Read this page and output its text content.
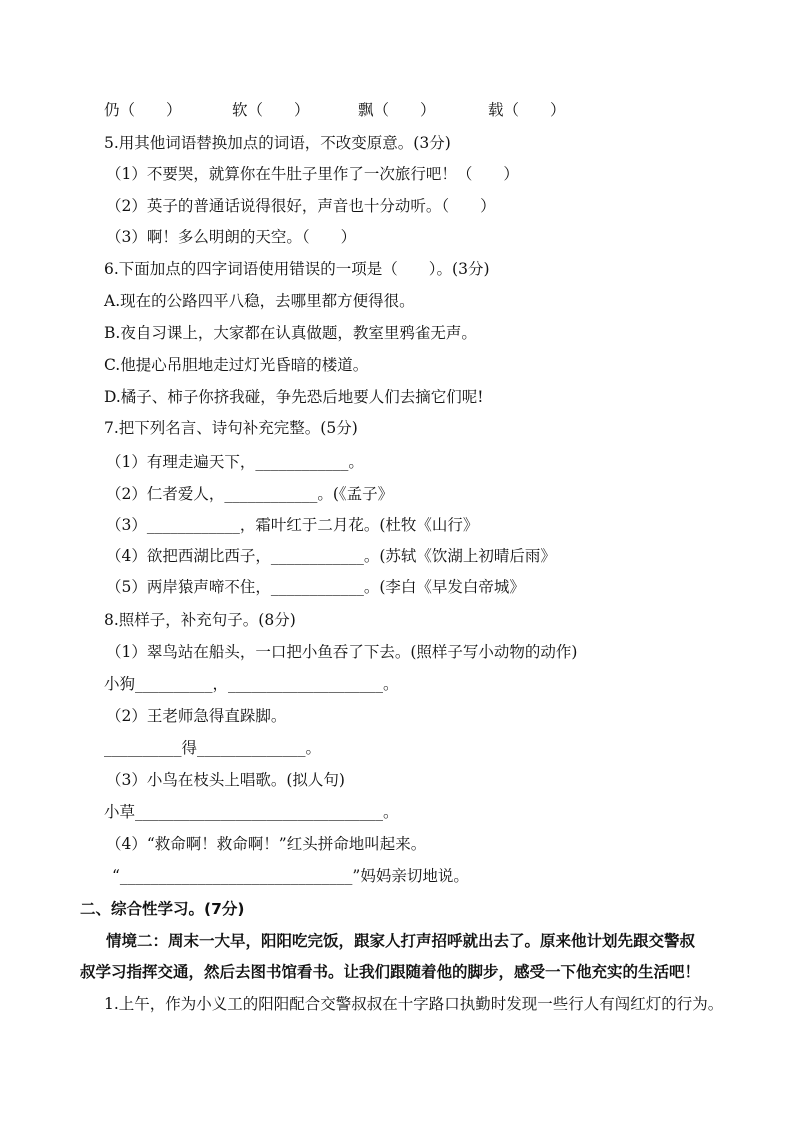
仍（　　）	软（　　）	飘（　　）	载（　　）
5.用其他词语替换加点的词语，不改变原意。(3分)
（1）不要哭，就算你在牛肚子里作了一次旅行吧！（　　）
（2）英子的普通话说得很好，声音也十分动听。（　　）
（3）啊！多么明朗的天空。（　　）
6.下面加点的四字词语使用错误的一项是（　　）。(3分)
A.现在的公路四平八稳，去哪里都方便得很。
B.夜自习课上，大家都在认真做题，教室里鸦雀无声。
C.他提心吊胆地走过灯光昏暗的楼道。
D.橘子、柿子你挤我碰，争先恐后地要人们去摘它们呢!
7.把下列名言、诗句补充完整。(5分)
（1）有理走遍天下，____________。
（2）仁者爱人，____________。(《孟子》
（3）____________，霜叶红于二月花。(杜牧《山行》
（4）欲把西湖比西子，____________。(苏轼《饮湖上初晴后雨》
（5）两岸猿声啼不住，____________。(李白《早发白帝城》
8.照样子，补充句子。(8分)
（1）翠鸟站在船头，一口把小鱼吞了下去。(照样子写小动物的动作)
小狗__________，____________________。
（2）王老师急得直跺脚。
__________得______________。
（3）小鸟在枝头上唱歌。(拟人句)
小草________________________________。
（4）“救命啊！救命啊！”红头拼命地叫起来。
“______________________________”妈妈亲切地说。
二、综合性学习。(7分)
情境二：周末一大早，阳阳吃完饭，跟家人打声招呼就出去了。原来他计划先跟交警叔
叔学习指挥交通，然后去图书馆看书。让我们跟随着他的脚步，感受一下他充实的生活吧！
1.上午，作为小义工的阳阳配合交警叔叔在十字路口执勤时发现一些行人有闯红灯的行为。
